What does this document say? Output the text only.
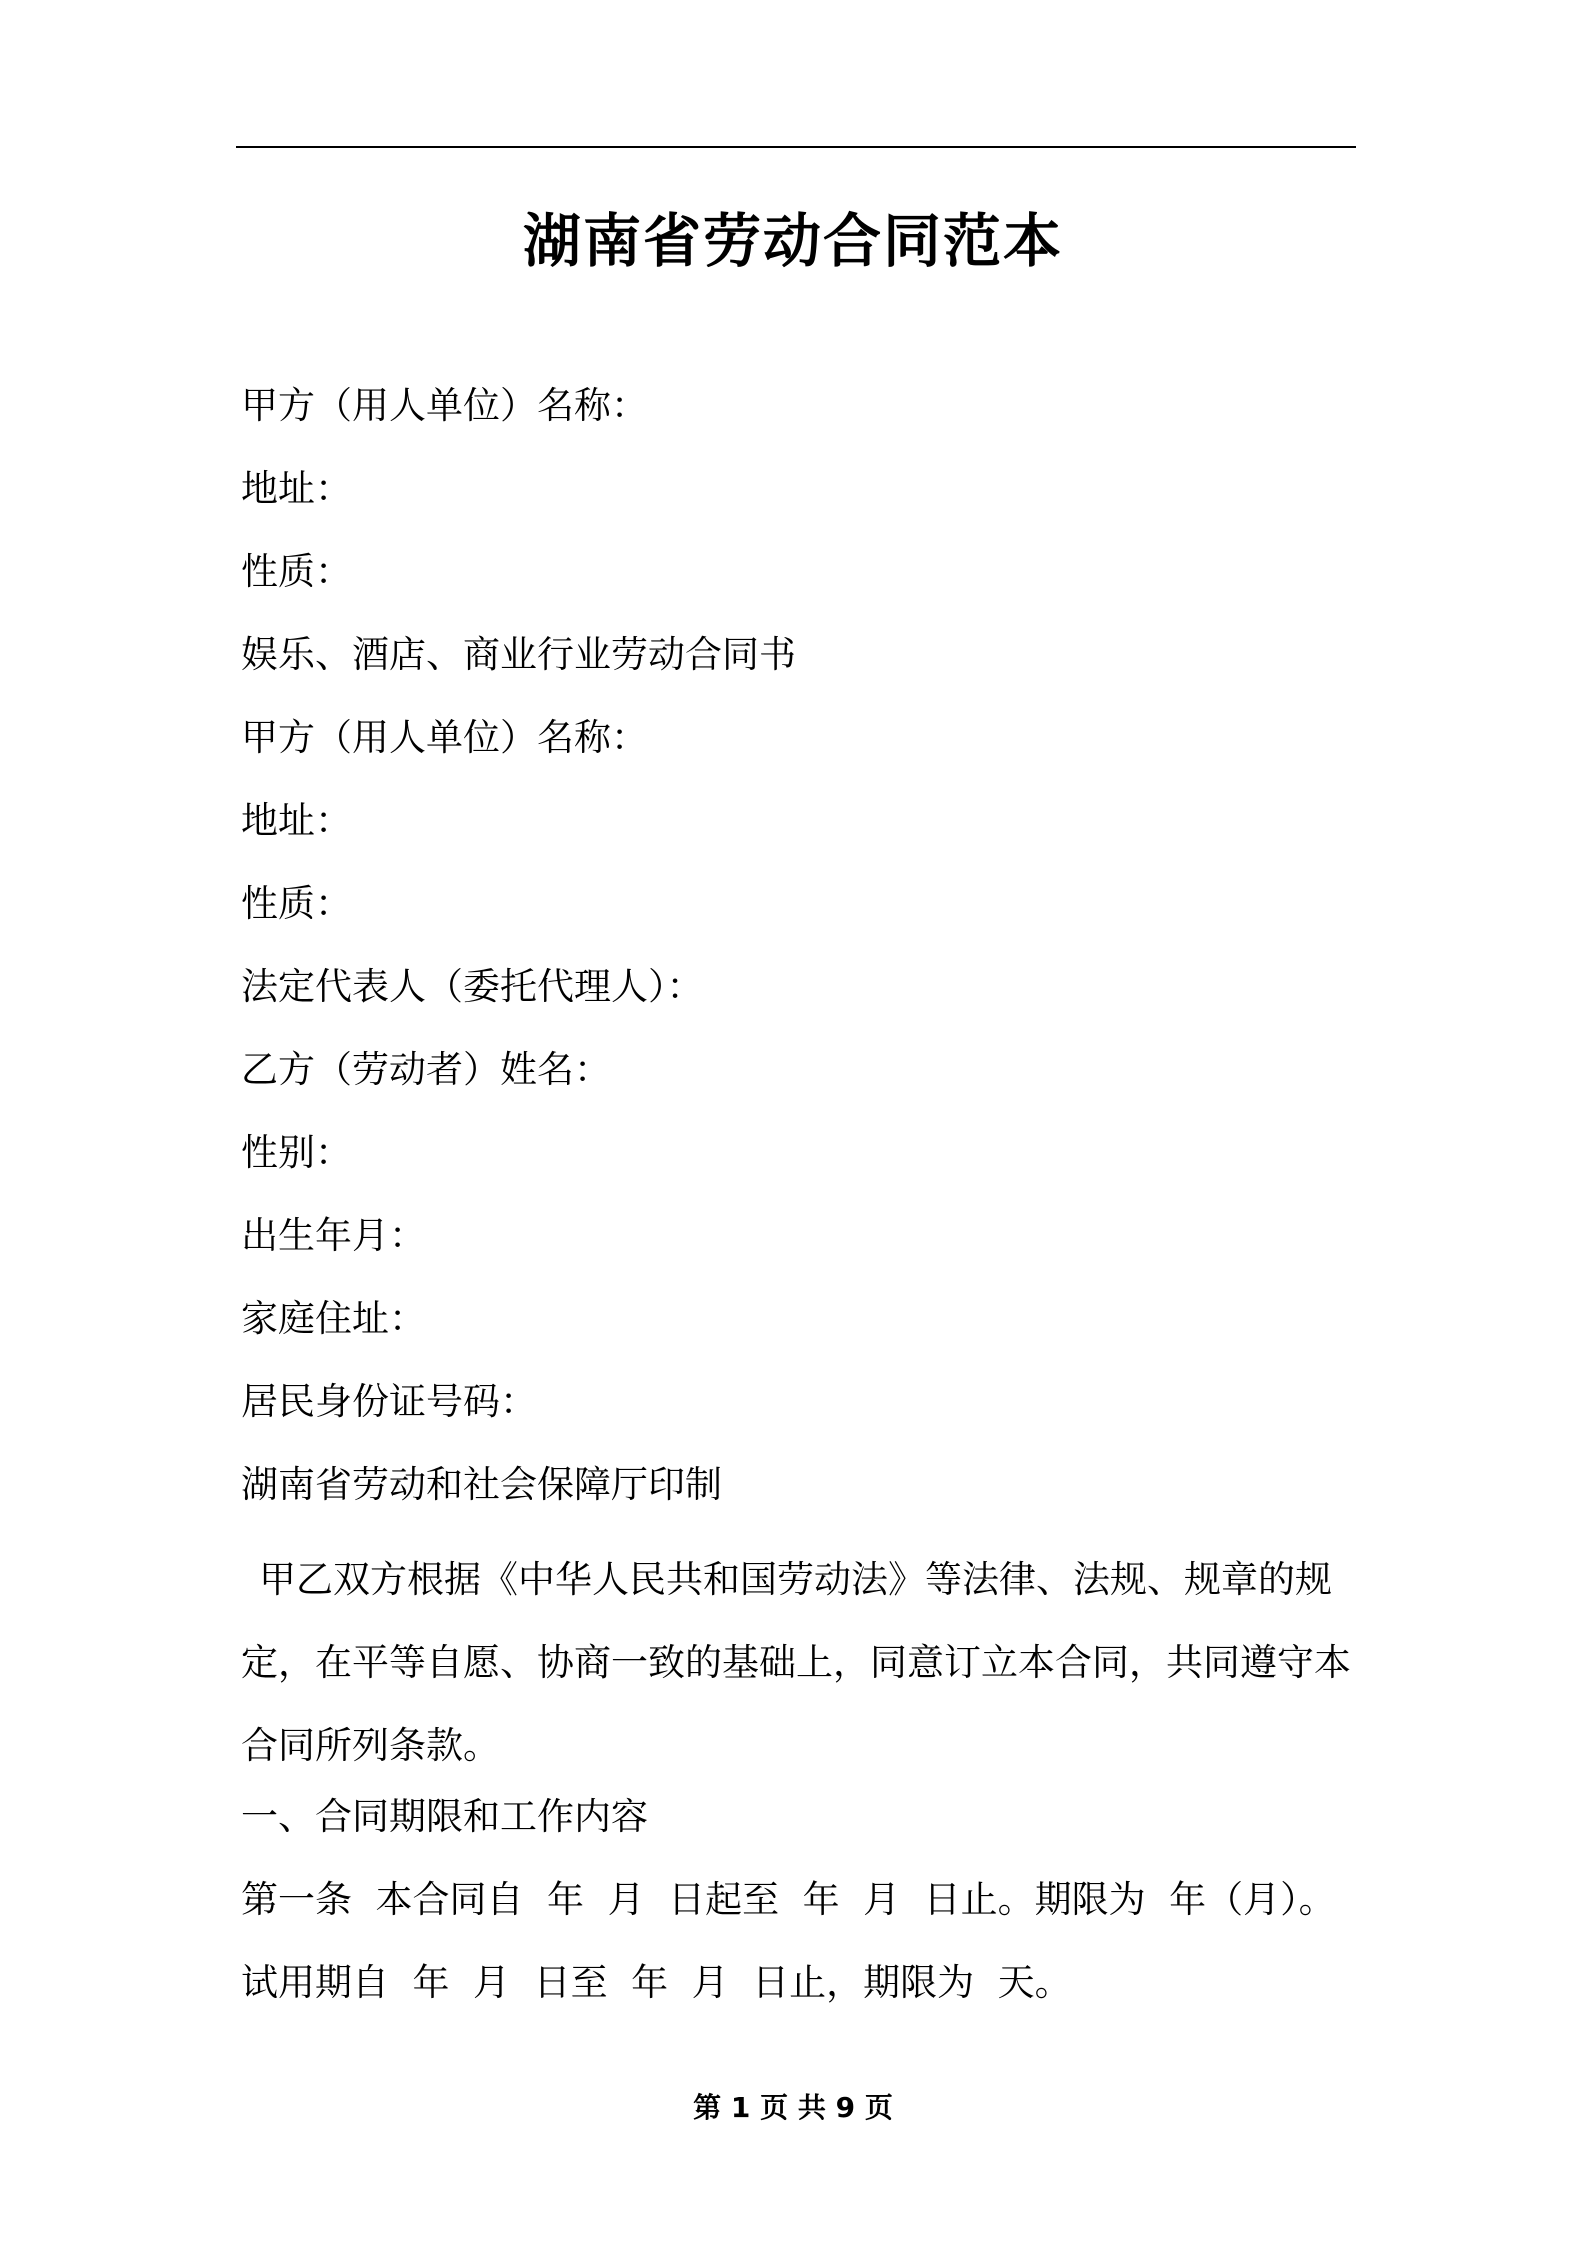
湖南省劳动合同范本
甲方（用人单位）名称：
地址：
性质：
娱乐、酒店、商业行业劳动合同书
甲方（用人单位）名称：
地址：
性质：
法定代表人（委托代理人）：
乙方（劳动者）姓名：
性别：
出生年月：
家庭住址：
居民身份证号码：
湖南省劳动和社会保障厅印制
甲乙双方根据《中华人民共和国劳动法》等法律、法规、规章的规
定，在平等自愿、协商一致的基础上，同意订立本合同，共同遵守本
合同所列条款。
一、合同期限和工作内容
第一条  本合同自  年  月  日起至  年  月  日止。期限为  年（月）。
试用期自  年  月  日至  年  月  日止，期限为  天。
第 1 页 共 9 页
